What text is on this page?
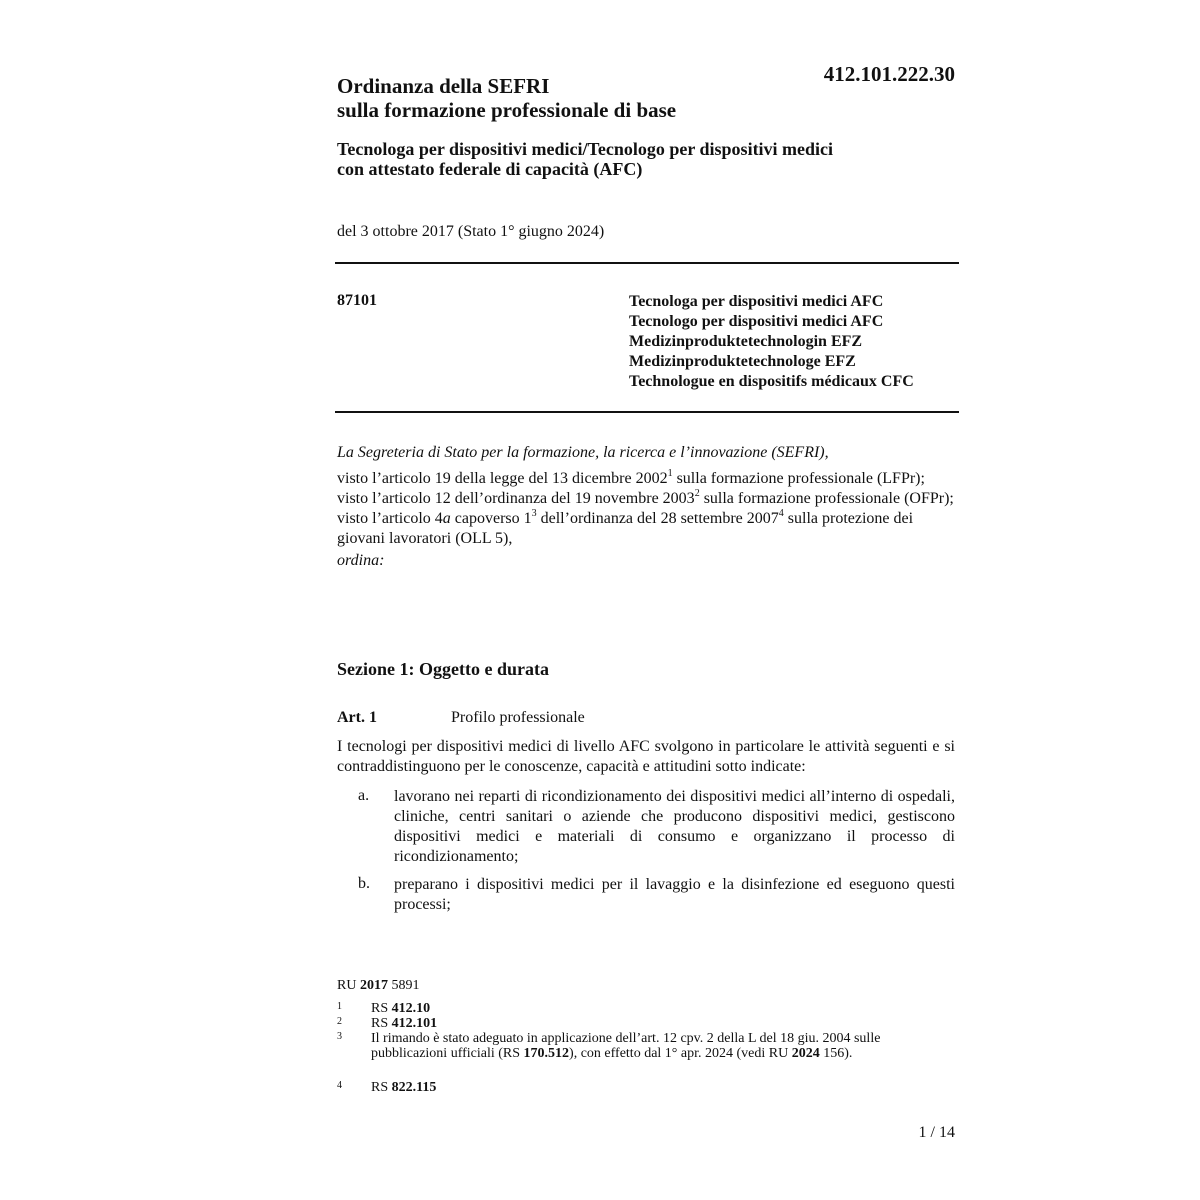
Ordinanza della SEFRI
sulla formazione professionale di base
412.101.222.30
Tecnologa per dispositivi medici/Tecnologo per dispositivi medici
con attestato federale di capacità (AFC)
del 3 ottobre 2017 (Stato 1° giugno 2024)
87101	Tecnologa per dispositivi medici AFC
Tecnologo per dispositivi medici AFC
Medizinproduktetechnologin EFZ
Medizinproduktetechnologe EFZ
Technologue en dispositifs médicaux CFC
La Segreteria di Stato per la formazione, la ricerca e l’innovazione (SEFRI),
visto l’articolo 19 della legge del 13 dicembre 2002$^1$ sulla formazione professionale (LFPr);
visto l’articolo 12 dell’ordinanza del 19 novembre 2003$^2$ sulla formazione professionale (OFPr);
visto l’articolo 4a capoverso $1^3$ dell’ordinanza del 28 settembre 2007$^4$ sulla protezione dei giovani lavoratori (OLL 5),
ordina:
Sezione 1: Oggetto e durata
Art. 1	Profilo professionale
I tecnologi per dispositivi medici di livello AFC svolgono in particolare le attività seguenti e si contraddistinguono per le conoscenze, capacità e attitudini sotto indicate:
a. lavorano nei reparti di ricondizionamento dei dispositivi medici all’interno di ospedali, cliniche, centri sanitari o aziende che producono dispositivi medici, gestiscono dispositivi medici e materiali di consumo e organizzano il processo di ricondizionamento;
b. preparano i dispositivi medici per il lavaggio e la disinfezione ed eseguono questi processi;
RU 2017 5891
1 RS 412.10
2 RS 412.101
3 Il rimando è stato adeguato in applicazione dell’art. 12 cpv. 2 della L del 18 giu. 2004 sulle pubblicazioni ufficiali (RS 170.512), con effetto dal 1° apr. 2024 (vedi RU 2024 156).
4 RS 822.115
1 / 14
